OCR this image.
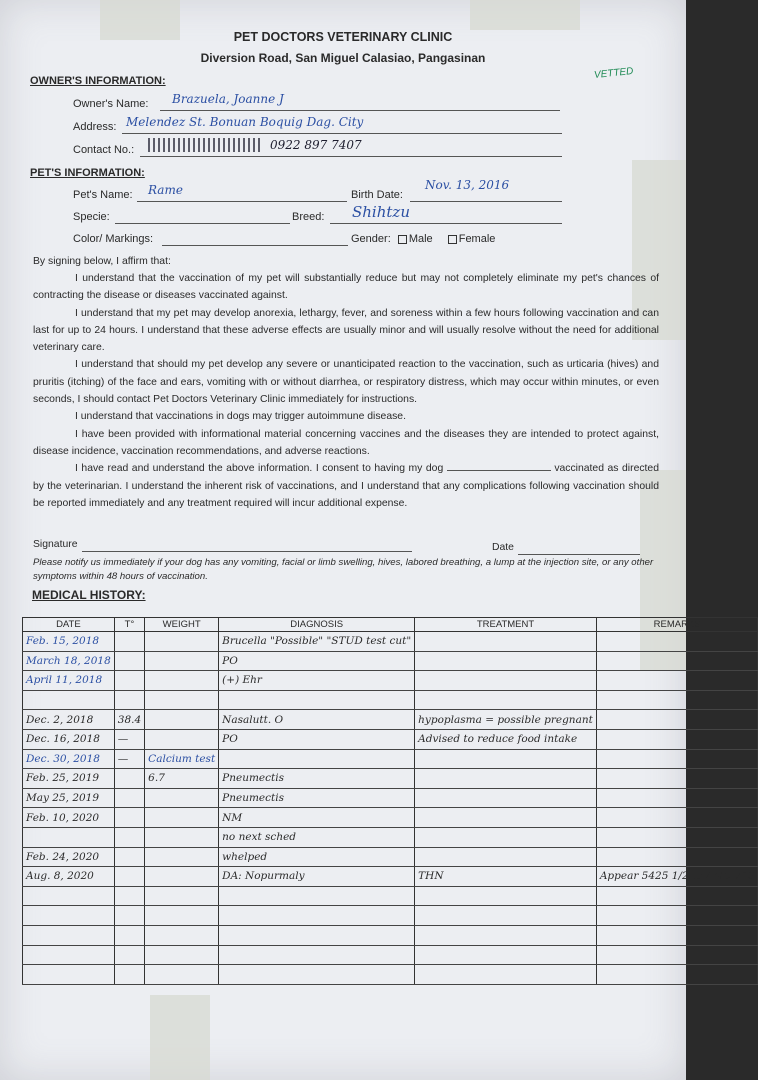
PET DOCTORS VETERINARY CLINIC
Diversion Road, San Miguel Calasiao, Pangasinan
VETTED
OWNER'S INFORMATION:
Owner's Name: Brazuela, Joanne J
Address: Melendez St. Bonuan Boquig Dag. City
Contact No.:	0922 897 7407
PET'S INFORMATION:
Pet's Name: Rame	Birth Date:
Nov. 13, 2016
Specie:	Breed: Shihtzu
Color/ Markings:	Gender: Male Female
By signing below, I affirm that:

I understand that the vaccination of my pet will substantially reduce but may not completely eliminate my pet's chances of contracting the disease or diseases vaccinated against.

I understand that my pet may develop anorexia, lethargy, fever, and soreness within a few hours following vaccination and can last for up to 24 hours. I understand that these adverse effects are usually minor and will usually resolve without the need for additional veterinary care.

I understand that should my pet develop any severe or unanticipated reaction to the vaccination, such as urticaria (hives) and pruritis (itching) of the face and ears, vomiting with or without diarrhea, or respiratory distress, which may occur within minutes, or even seconds, I should contact Pet Doctors Veterinary Clinic immediately for instructions.

I understand that vaccinations in dogs may trigger autoimmune disease.

I have been provided with informational material concerning vaccines and the diseases they are intended to protect against, disease incidence, vaccination recommendations, and adverse reactions.

I have read and understand the above information. I consent to having my dog	vaccinated as directed by the veterinarian. I understand the inherent risk of vaccinations, and I understand that any complications following vaccination should be reported immediately and any treatment required will incur additional expense.

Signature	Date
Please notify us immediately if your dog has any vomiting, facial or limb swelling, hives, labored breathing, a lump at the injection site, or any other symptoms within 48 hours of vaccination.
MEDICAL HISTORY:
DATE	T°	WEIGHT	DIAGNOSIS	TREATMENT	REMARKS
Feb. 15, 2018			Brucella "Possible" "STUD test cut"		
March 18, 2018			PO		
April 11, 2018			(+) Ehr		

Dec. 2, 2018	38.4		Nasalutt. O	hypoplasma = possible pregnant	
Dec. 16, 2018	—		PO	Advised to reduce food intake	
Dec. 30, 2018	—	Calcium test			
Feb. 25, 2019		6.7	Pneumectis		
May 25, 2019			Pneumectis		
Feb. 10, 2020			NM		
			no next sched		
Feb. 24, 2020			whelped		
Aug. 8, 2020			DA: Nopurmaly	THN	Appear 5425 1/2 to AND 710
